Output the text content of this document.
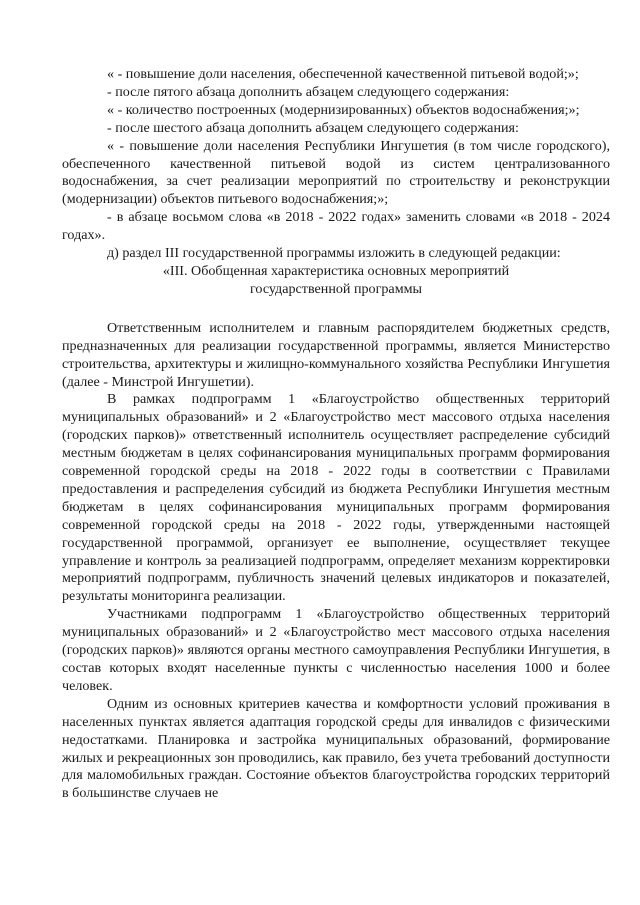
« - повышение доли населения, обеспеченной качественной питьевой водой;»;

- после пятого абзаца дополнить абзацем следующего содержания:

« - количество построенных (модернизированных) объектов водоснабжения;»;

- после шестого абзаца дополнить абзацем следующего содержания:

« - повышение доли населения Республики Ингушетия (в том числе городского), обеспеченного качественной питьевой водой из систем централизованного водоснабжения, за счет реализации мероприятий по строительству и реконструкции (модернизации) объектов питьевого водоснабжения;»;

- в абзаце восьмом слова «в 2018 - 2022 годах» заменить словами «в 2018 - 2024 годах».

д) раздел III государственной программы изложить в следующей редакции:

«III. Обобщенная характеристика основных мероприятий

государственной программы

Ответственным исполнителем и главным распорядителем бюджетных средств, предназначенных для реализации государственной программы, является Министерство строительства, архитектуры и жилищно-коммунального хозяйства Республики Ингушетия (далее - Минстрой Ингушетии).

В рамках подпрограмм 1 «Благоустройство общественных территорий муниципальных образований» и 2 «Благоустройство мест массового отдыха населения (городских парков)» ответственный исполнитель осуществляет распределение субсидий местным бюджетам в целях софинансирования муниципальных программ формирования современной городской среды на 2018 - 2022 годы в соответствии с Правилами предоставления и распределения субсидий из бюджета Республики Ингушетия местным бюджетам в целях софинансирования муниципальных программ формирования современной городской среды на 2018 - 2022 годы, утвержденными настоящей государственной программой, организует ее выполнение, осуществляет текущее управление и контроль за реализацией подпрограмм, определяет механизм корректировки мероприятий подпрограмм, публичность значений целевых индикаторов и показателей, результаты мониторинга реализации.

Участниками подпрограмм 1 «Благоустройство общественных территорий муниципальных образований» и 2 «Благоустройство мест массового отдыха населения (городских парков)» являются органы местного самоуправления Республики Ингушетия, в состав которых входят населенные пункты с численностью населения 1000 и более человек.

Одним из основных критериев качества и комфортности условий проживания в населенных пунктах является адаптация городской среды для инвалидов с физическими недостатками. Планировка и застройка муниципальных образований, формирование жилых и рекреационных зон проводились, как правило, без учета требований доступности для маломобильных граждан. Состояние объектов благоустройства городских территорий в большинстве случаев не
